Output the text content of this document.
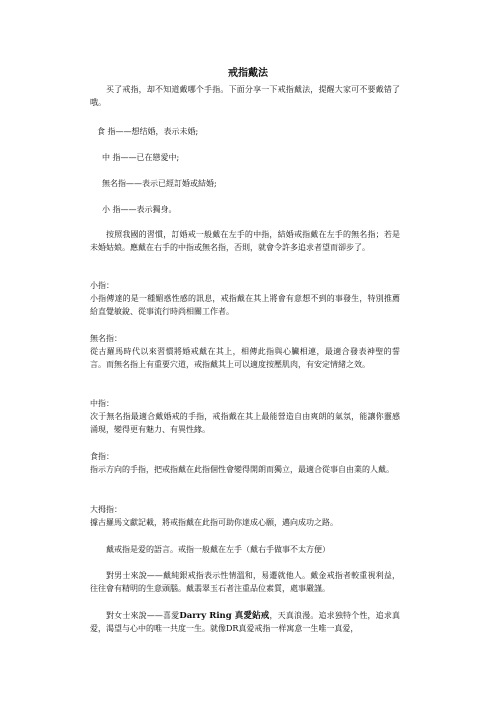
戒指戴法

买了戒指，却不知道戴哪个手指。下面分享一下戒指戴法，提醒大家可不要戴错了哦。

食 指——想结婚，表示未婚;

中 指——已在戀愛中;

無名指——表示已經訂婚或結婚;

小 指——表示獨身。

按照我國的習慣，訂婚戒一般戴在左手的中指，結婚戒指戴在左手的無名指；若是未婚姑娘。應戴在右手的中指或無名指，否則，就會令許多追求者望而卻步了。

小指：

小指傳達的是一種媚惑性感的訊息，戒指戴在其上將會有意想不到的事發生，特別推薦給直覺敏銳、從事流行時尚相關工作者。

無名指：

從古羅馬時代以來習慣將婚戒戴在其上，相傳此指與心臟相連，最適合發表神聖的誓言。而無名指上有重要穴道，戒指戴其上可以適度按壓肌肉，有安定情緒之效。

中指：

次于無名指最適合戴婚戒的手指，戒指戴在其上最能營造自由爽朗的氣氛，能讓你靈感涌現，變得更有魅力、有異性緣。

食指：

指示方向的手指，把戒指戴在此指個性會變得開朗而獨立，最適合從事自由業的人戴。

大拇指：

據古羅馬文獻記載，將戒指戴在此指可助你達成心願，邁向成功之路。

戴戒指是爱的語言。戒指一般戴在左手（戴右手做事不太方便）

對男士來說——戴純銀戒指表示性情溫和，易遷就他人。戴金戒指者較重視利益，往往會有精明的生意頭腦。戴翡翠玉石者注重品位素質，處事嚴謹。

對女士來說——喜愛Darry Ring 真愛鉆戒，天真浪漫。追求独特个性，追求真爱，渴望与心中的唯一共度一生。就像DR真爱戒指一样寓意一生唯一真爱，
